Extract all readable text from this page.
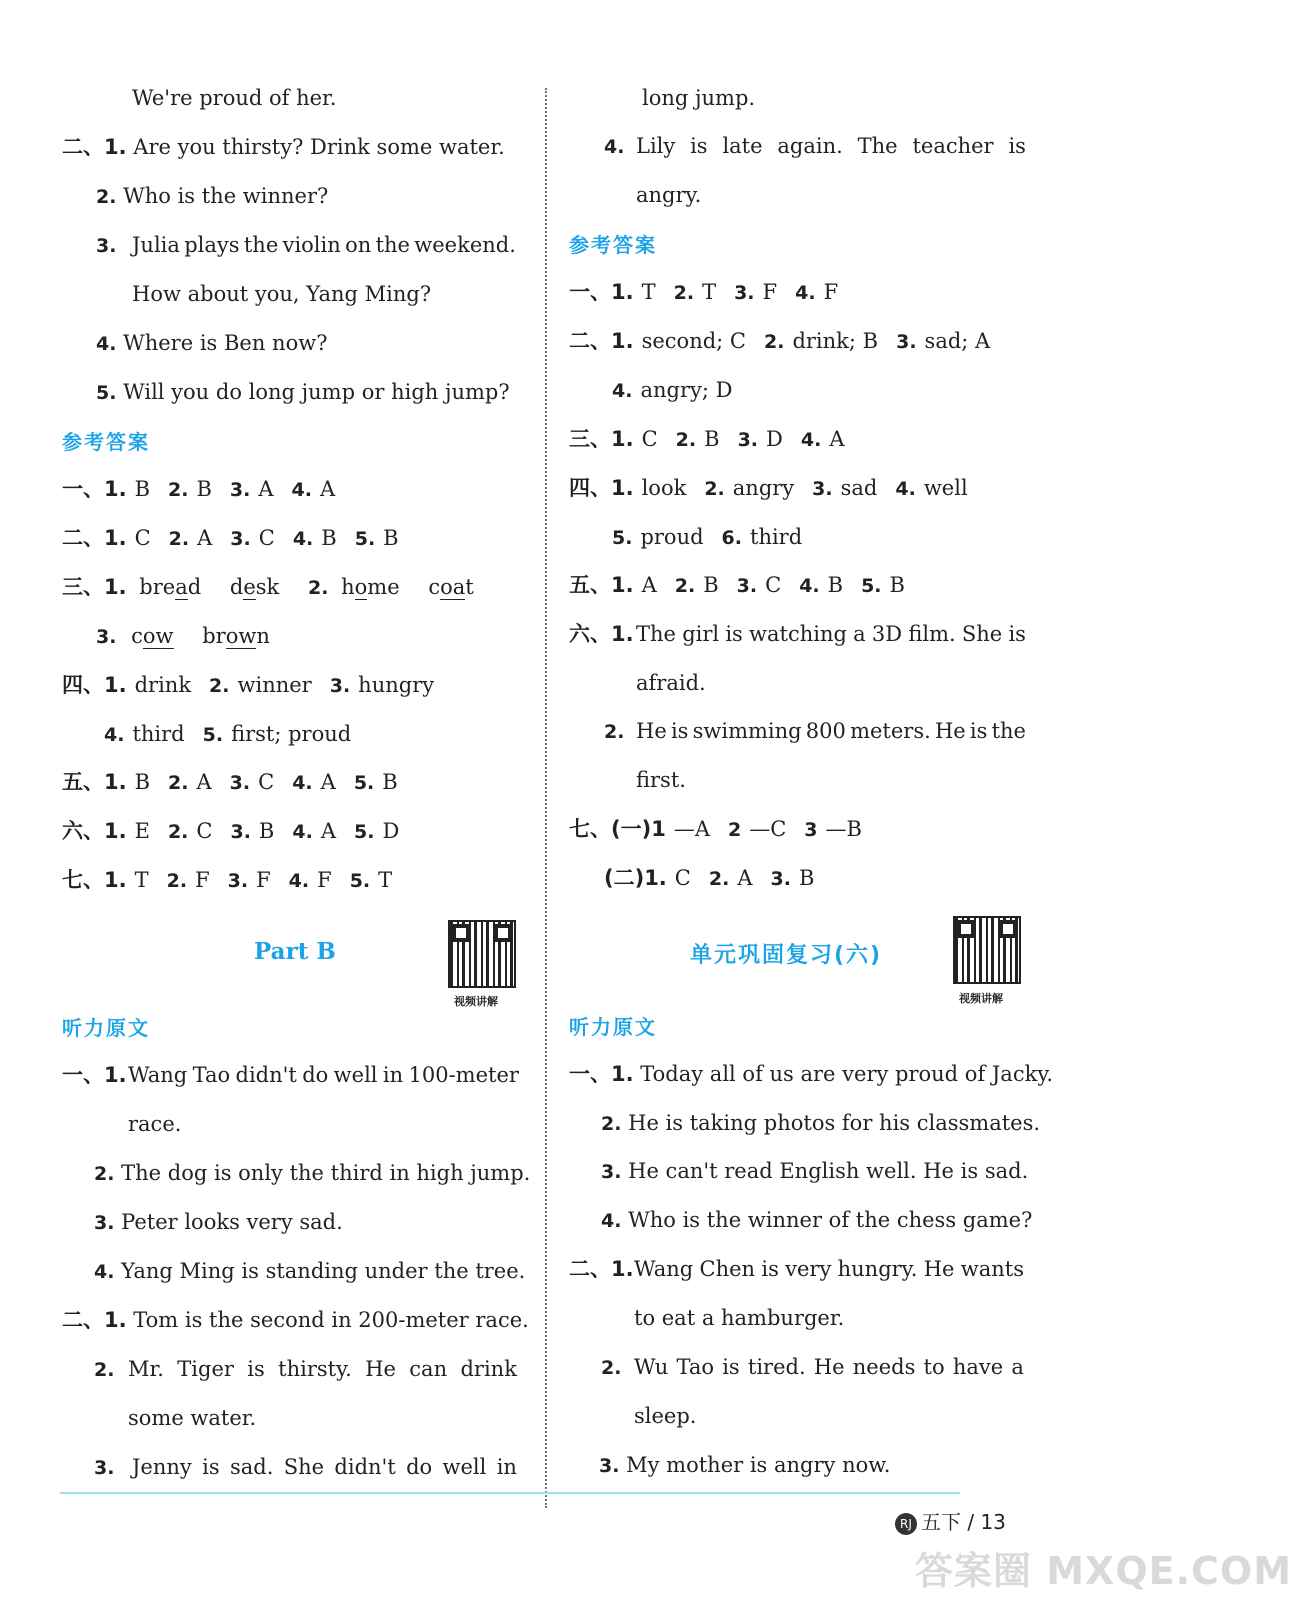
We're proud of her.
二、1. Are you thirsty? Drink some water.
2. Who is the winner?
3. Julia plays the violin on the weekend.
How about you, Yang Ming?
4. Where is Ben now?
5. Will you do long jump or high jump?
参考答案
一、1. B 2. B 3. A 4. A
二、1. C 2. A 3. C 4. B 5. B
三、1. bread desk 2. home coat
3. cow brown
四、1. drink 2. winner 3. hungry
4. third 5. first; proud
五、1. B 2. A 3. C 4. A 5. B
六、1. E 2. C 3. B 4. A 5. D
七、1. T 2. F 3. F 4. F 5. T
Part B
视频讲解
听力原文
一、1. Wang Tao didn't do well in 100-meter
race.
2. The dog is only the third in high jump.
3. Peter looks very sad.
4. Yang Ming is standing under the tree.
二、1. Tom is the second in 200-meter race.
2. Mr. Tiger is thirsty. He can drink
some water.
3. Jenny is sad. She didn't do well in
long jump.
4. Lily is late again. The teacher is
angry.
参考答案
一、1. T 2. T 3. F 4. F
二、1. second; C 2. drink; B 3. sad; A
4. angry; D
三、1. C 2. B 3. D 4. A
四、1. look 2. angry 3. sad 4. well
5. proud 6. third
五、1. A 2. B 3. C 4. B 5. B
六、1. The girl is watching a 3D film. She is
afraid.
2. He is swimming 800 meters. He is the
first.
七、(一)1 —A 2 —C 3 —B
(二)1. C 2. A 3. B
单元巩固复习(六)
视频讲解
听力原文
一、1. Today all of us are very proud of Jacky.
2. He is taking photos for his classmates.
3. He can't read English well. He is sad.
4. Who is the winner of the chess game?
二、1. Wang Chen is very hungry. He wants
to eat a hamburger.
2. Wu Tao is tired. He needs to have a
sleep.
3. My mother is angry now.
RJ 五下 / 13
答案圈 MXQE.COM
